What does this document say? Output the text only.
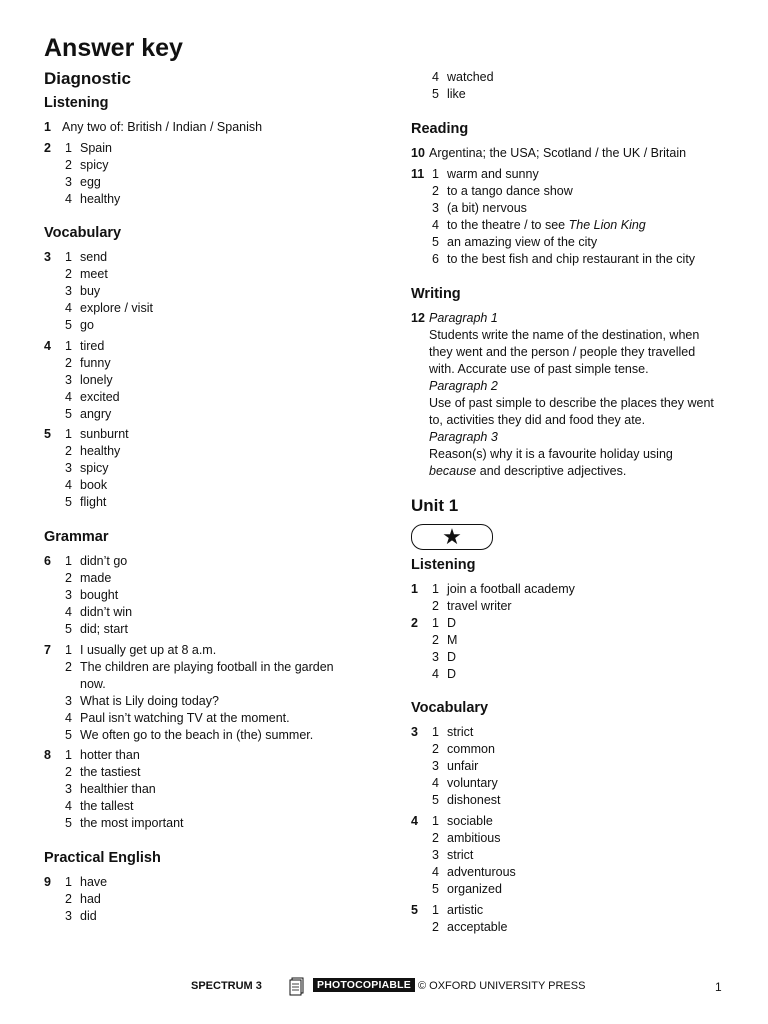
Answer key
Diagnostic
Listening
1 Any two of: British / Indian / Spanish
2 1 Spain
2 spicy
3 egg
4 healthy
Vocabulary
3 1 send
2 meet
3 buy
4 explore / visit
5 go
4 1 tired
2 funny
3 lonely
4 excited
5 angry
5 1 sunburnt
2 healthy
3 spicy
4 book
5 flight
Grammar
6 1 didn’t go
2 made
3 bought
4 didn’t win
5 did; start
7 1 I usually get up at 8 a.m.
2 The children are playing football in the garden
now.
3 What is Lily doing today?
4 Paul isn’t watching TV at the moment.
5 We often go to the beach in (the) summer.
8 1 hotter than
2 the tastiest
3 healthier than
4 the tallest
5 the most important
Practical English
9 1 have
2 had
3 did
4 watched
5 like
Reading
10 Argentina; the USA; Scotland / the UK / Britain
11 1 warm and sunny
2 to a tango dance show
3 (a bit) nervous
4 to the theatre / to see The Lion King
5 an amazing view of the city
6 to the best fish and chip restaurant in the city
Writing
12 Paragraph 1
Students write the name of the destination, when
they went and the person / people they travelled
with. Accurate use of past simple tense.
Paragraph 2
Use of past simple to describe the places they went
to, activities they did and food they ate.
Paragraph 3
Reason(s) why it is a favourite holiday using
because and descriptive adjectives.
Unit 1
★
Listening
1 1 join a football academy
2 travel writer
2 1 D
2 M
3 D
4 D
Vocabulary
3 1 strict
2 common
3 unfair
4 voluntary
5 dishonest
4 1 sociable
2 ambitious
3 strict
4 adventurous
5 organized
5 1 artistic
2 acceptable
SPECTRUM 3	PHOTOCOPIABLE © OXFORD UNIVERSITY PRESS	1
